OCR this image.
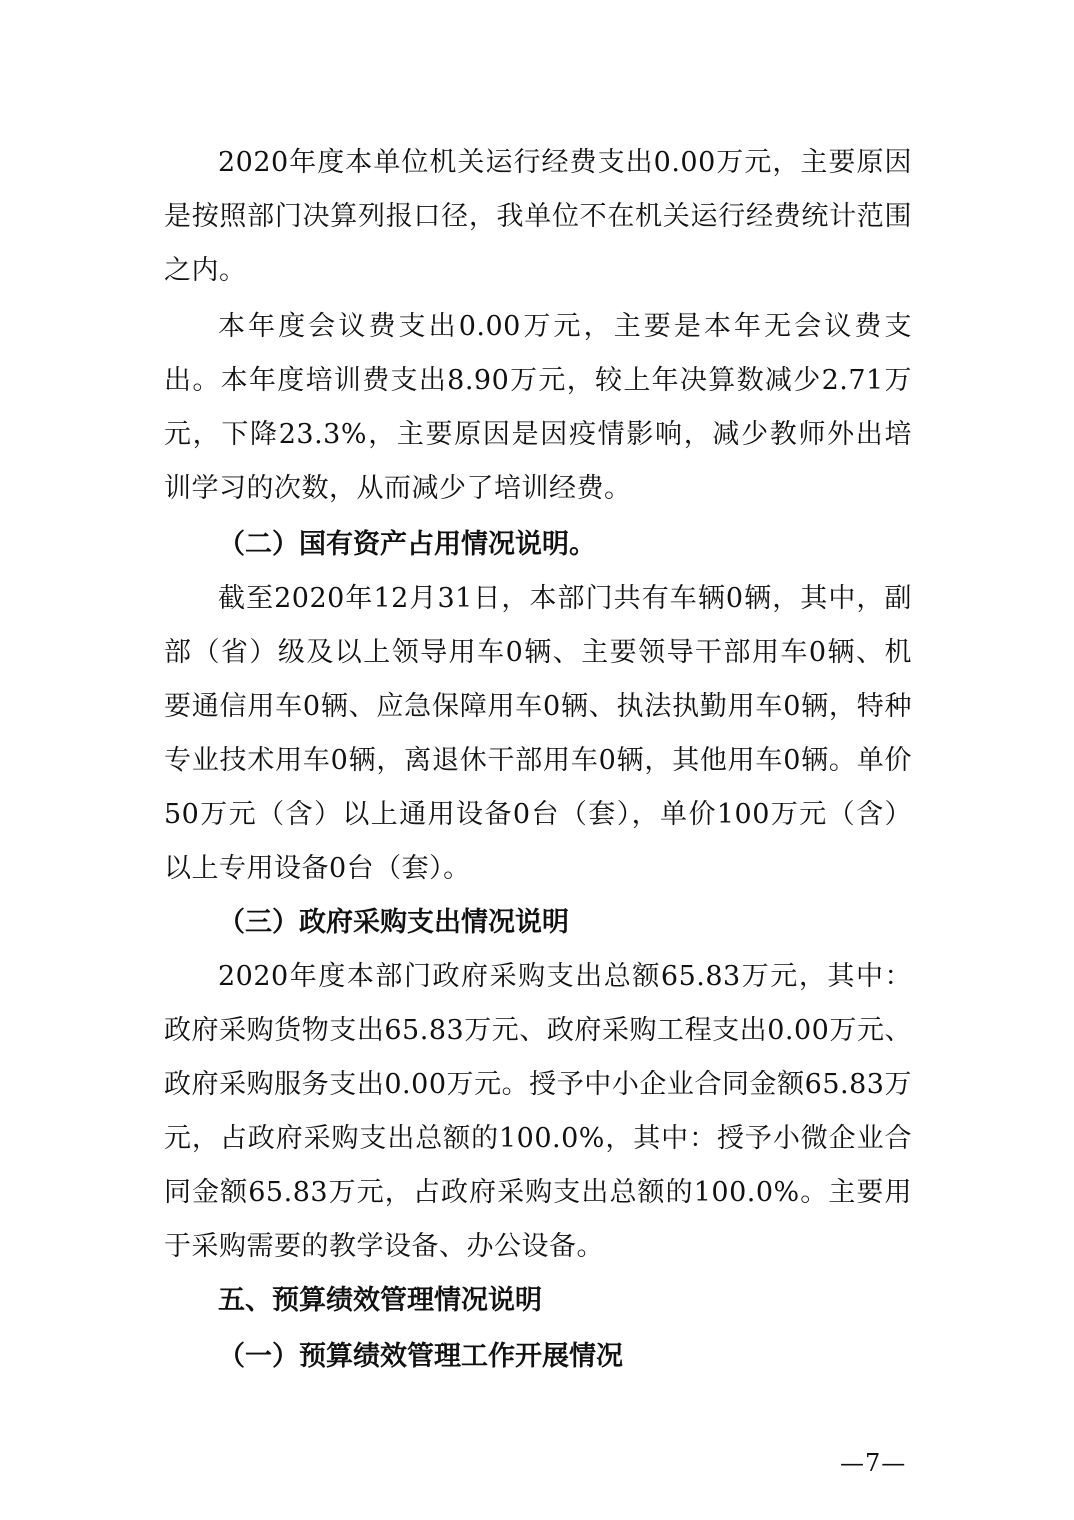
2020年度本单位机关运行经费支出0.00万元，主要原因是按照部门决算列报口径，我单位不在机关运行经费统计范围之内。

本年度会议费支出0.00万元，主要是本年无会议费支出。本年度培训费支出8.90万元，较上年决算数减少2.71万元，下降23.3%，主要原因是因疫情影响，减少教师外出培训学习的次数，从而减少了培训经费。

（二）国有资产占用情况说明。

截至2020年12月31日，本部门共有车辆0辆，其中，副部（省）级及以上领导用车0辆、主要领导干部用车0辆、机要通信用车0辆、应急保障用车0辆、执法执勤用车0辆，特种专业技术用车0辆，离退休干部用车0辆，其他用车0辆。单价50万元（含）以上通用设备0台（套），单价100万元（含）以上专用设备0台（套）。

（三）政府采购支出情况说明

2020年度本部门政府采购支出总额65.83万元，其中：政府采购货物支出65.83万元、政府采购工程支出0.00万元、政府采购服务支出0.00万元。授予中小企业合同金额65.83万元，占政府采购支出总额的100.0%，其中：授予小微企业合同金额65.83万元，占政府采购支出总额的100.0%。主要用于采购需要的教学设备、办公设备。

五、预算绩效管理情况说明

（一）预算绩效管理工作开展情况

—7—
